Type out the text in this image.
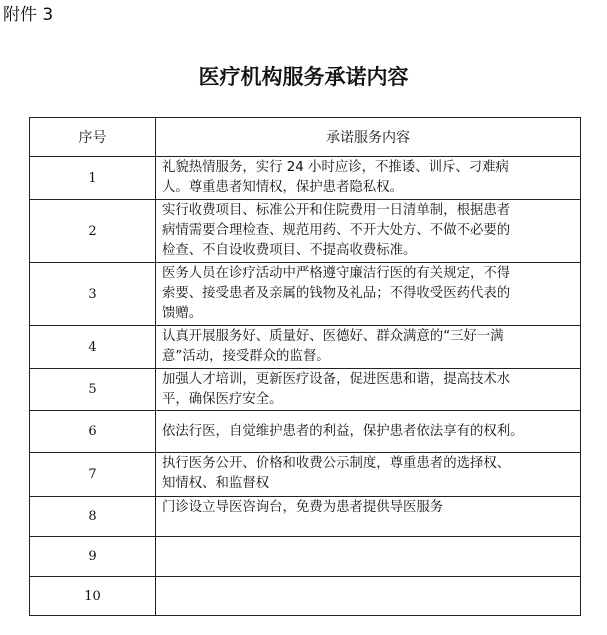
附件 3
医疗机构服务承诺内容
序号	承诺服务内容
1	礼貌热情服务，实行 24 小时应诊，不推诿、训斥、刁难病
人。尊重患者知情权，保护患者隐私权。

2	实行收费项目、标准公开和住院费用一日清单制，根据患者
病情需要合理检查、规范用药、不开大处方、不做不必要的
检查、不自设收费项目、不提高收费标准。

3	医务人员在诊疗活动中严格遵守廉洁行医的有关规定，不得
索要、接受患者及亲属的钱物及礼品；不得收受医药代表的
馈赠。

4	认真开展服务好、质量好、医德好、群众满意的“三好一满
意”活动，接受群众的监督。

5	加强人才培训，更新医疗设备，促进医患和谐，提高技术水
平，确保医疗安全。

6	依法行医，自觉维护患者的利益，保护患者依法享有的权利。

7	执行医务公开、价格和收费公示制度，尊重患者的选择权、
知情权、和监督权

8	门诊设立导医咨询台，免费为患者提供导医服务

9	
10	
